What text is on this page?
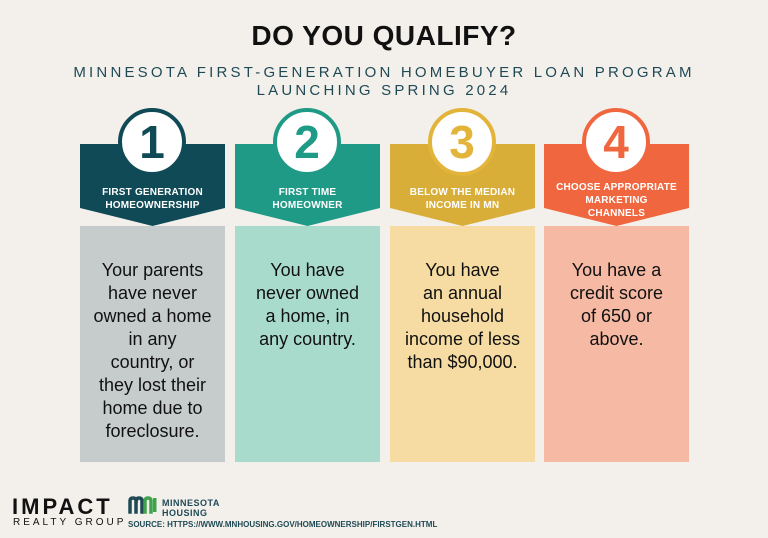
DO YOU QUALIFY?
MINNESOTA FIRST-GENERATION HOMEBUYER LOAN PROGRAM
LAUNCHING SPRING 2024
Your parents
have never
owned a home
in any
country, or
they lost their
home due to
foreclosure.
FIRST GENERATION
HOMEOWNERSHIP
1
You have
never owned
a home, in
any country.
FIRST TIME
HOMEOWNER
2
You have
an annual
household
income of less
than $90,000.
BELOW THE MEDIAN
INCOME IN MN
3
You have a
credit score
of 650 or
above.
CHOOSE APPROPRIATE
MARKETING
CHANNELS
4
IMPACT
REALTY GROUP
MINNESOTA
HOUSING
SOURCE: HTTPS://WWW.MNHOUSING.GOV/HOMEOWNERSHIP/FIRSTGEN.HTML
